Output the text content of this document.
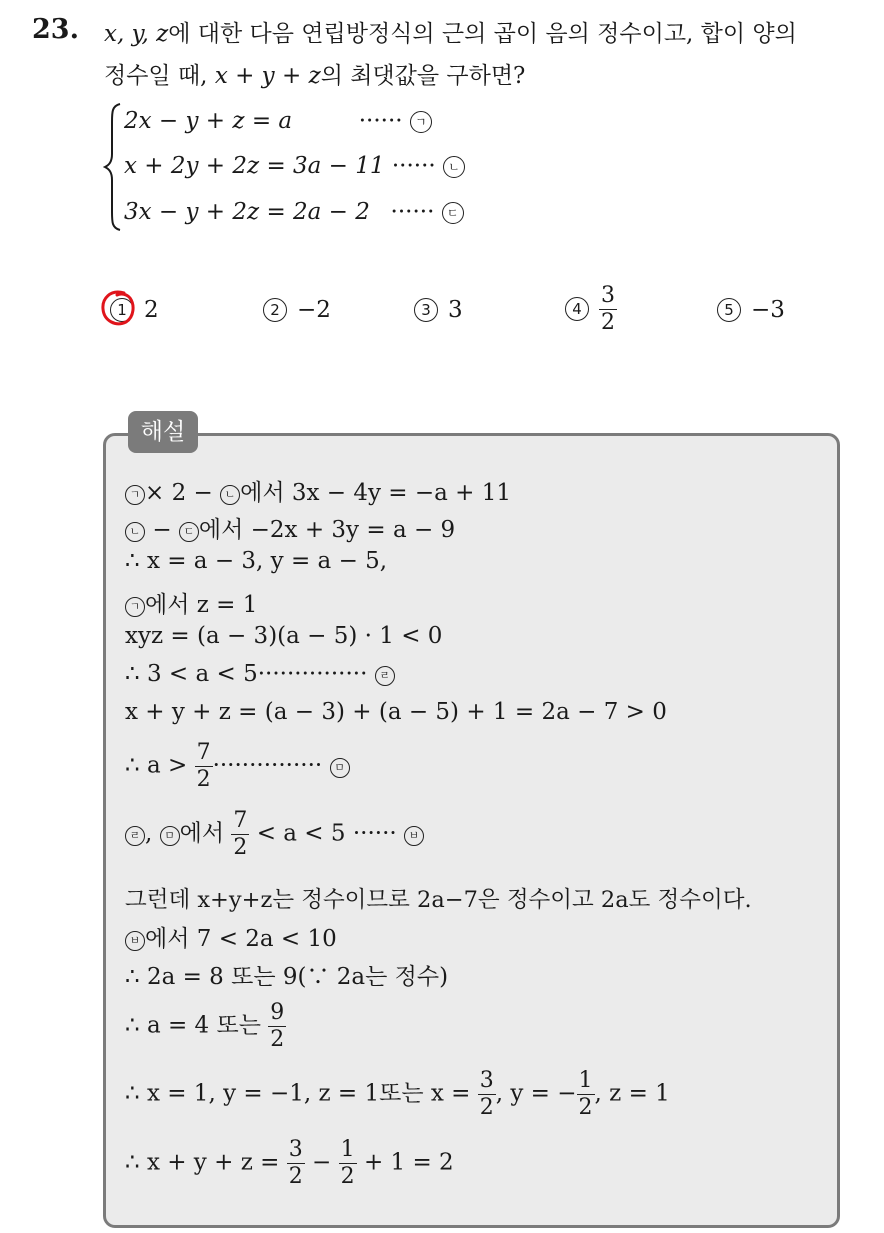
23. x, y, z에 대한 다음 연립방정식의 근의 곱이 음의 정수이고, 합이 양의
정수일 때, x + y + z의 최댓값을 구하면?
2x − y + z = a	······ ㄱ
x + 2y + 2z = 3a − 11 ······ ㄴ
3x − y + 2z = 2a − 2 ······ ㄷ
1 2	2 −2	3 3	$4 \frac{3}{2}$	5 −3
해설
ㄱ × 2 − ㄴ 에서 3x − 4y = −a + 11
ㄴ − ㄷ 에서 −2x + 3y = a − 9
∴ x = a − 3, y = a − 5,
ㄱ 에서 z = 1
xyz = (a − 3)(a − 5) · 1 < 0
∴ 3 < a < 5··············· ㄹ
x + y + z = (a − 3) + (a − 5) + 1 = 2a − 7 > 0
∴ $a > \frac{7}{2}$ ··············· ㅁ
ㄹ , ㅁ 에서 $\frac{7}{2} < a < 5$ ······ ㅂ
그런데 x+y+z는 정수이므로 2a−7은 정수이고 2a도 정수이다.
ㅂ 에서 7 < 2a < 10
∴ 2a = 8 또는 9(∵ 2a는 정수)
∴ a = 4 또는 $\frac{9}{2}$
∴ x = 1, y = −1, z = 1또는 $x = \frac{3}{2}$ , y = − $\frac{1}{2}$ , z = 1
∴ $x + y + z = \frac{3}{2} - \frac{1}{2} + 1 = 2$
